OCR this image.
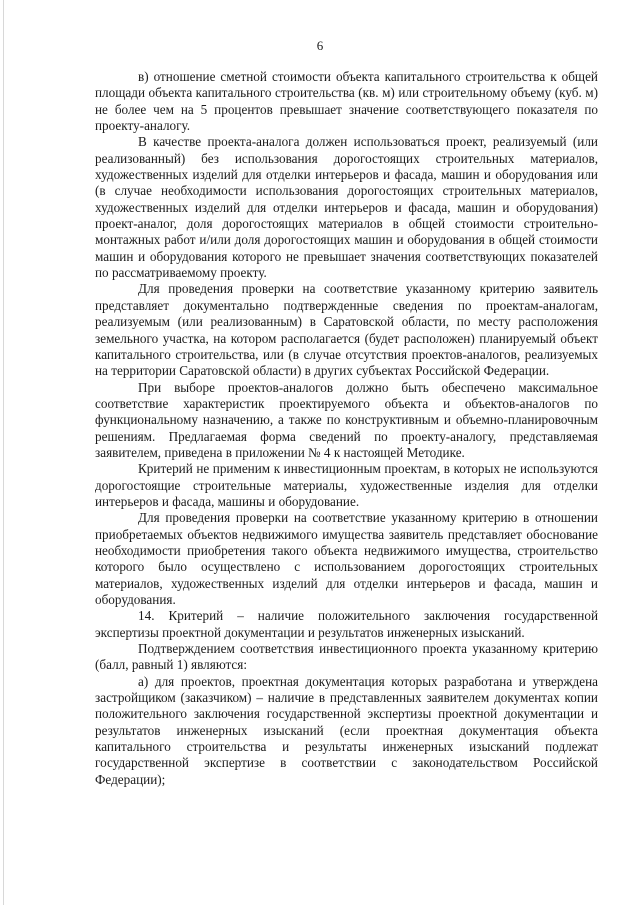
6

в) отношение сметной стоимости объекта капитального строительства к общей площади объекта капитального строительства (кв. м) или строительному объему (куб. м) не более чем на 5 процентов превышает значение соответствующего показателя по проекту-аналогу.

В качестве проекта-аналога должен использоваться проект, реализуемый (или реализованный) без использования дорогостоящих строительных материалов, художественных изделий для отделки интерьеров и фасада, машин и оборудования или (в случае необходимости использования дорогостоящих строительных материалов, художественных изделий для отделки интерьеров и фасада, машин и оборудования) проект-аналог, доля дорогостоящих материалов в общей стоимости строительно-монтажных работ и/или доля дорогостоящих машин и оборудования в общей стоимости машин и оборудования которого не превышает значения соответствующих показателей по рассматриваемому проекту.

Для проведения проверки на соответствие указанному критерию заявитель представляет документально подтвержденные сведения по проектам-аналогам, реализуемым (или реализованным) в Саратовской области, по месту расположения земельного участка, на котором располагается (будет расположен) планируемый объект капитального строительства, или (в случае отсутствия проектов-аналогов, реализуемых на территории Саратовской области) в других субъектах Российской Федерации.

При выборе проектов-аналогов должно быть обеспечено максимальное соответствие характеристик проектируемого объекта и объектов-аналогов по функциональному назначению, а также по конструктивным и объемно-планировочным решениям. Предлагаемая форма сведений по проекту-аналогу, представляемая заявителем, приведена в приложении № 4 к настоящей Методике.

Критерий не применим к инвестиционным проектам, в которых не используются дорогостоящие строительные материалы, художественные изделия для отделки интерьеров и фасада, машины и оборудование.

Для проведения проверки на соответствие указанному критерию в отношении приобретаемых объектов недвижимого имущества заявитель представляет обоснование необходимости приобретения такого объекта недвижимого имущества, строительство которого было осуществлено с использованием дорогостоящих строительных материалов, художественных изделий для отделки интерьеров и фасада, машин и оборудования.

14. Критерий – наличие положительного заключения государственной экспертизы проектной документации и результатов инженерных изысканий.

Подтверждением соответствия инвестиционного проекта указанному критерию (балл, равный 1) являются:

а) для проектов, проектная документация которых разработана и утверждена застройщиком (заказчиком) – наличие в представленных заявителем документах копии положительного заключения государственной экспертизы проектной документации и результатов инженерных изысканий (если проектная документация объекта капитального строительства и результаты инженерных изысканий подлежат государственной экспертизе в соответствии с законодательством Российской Федерации);
